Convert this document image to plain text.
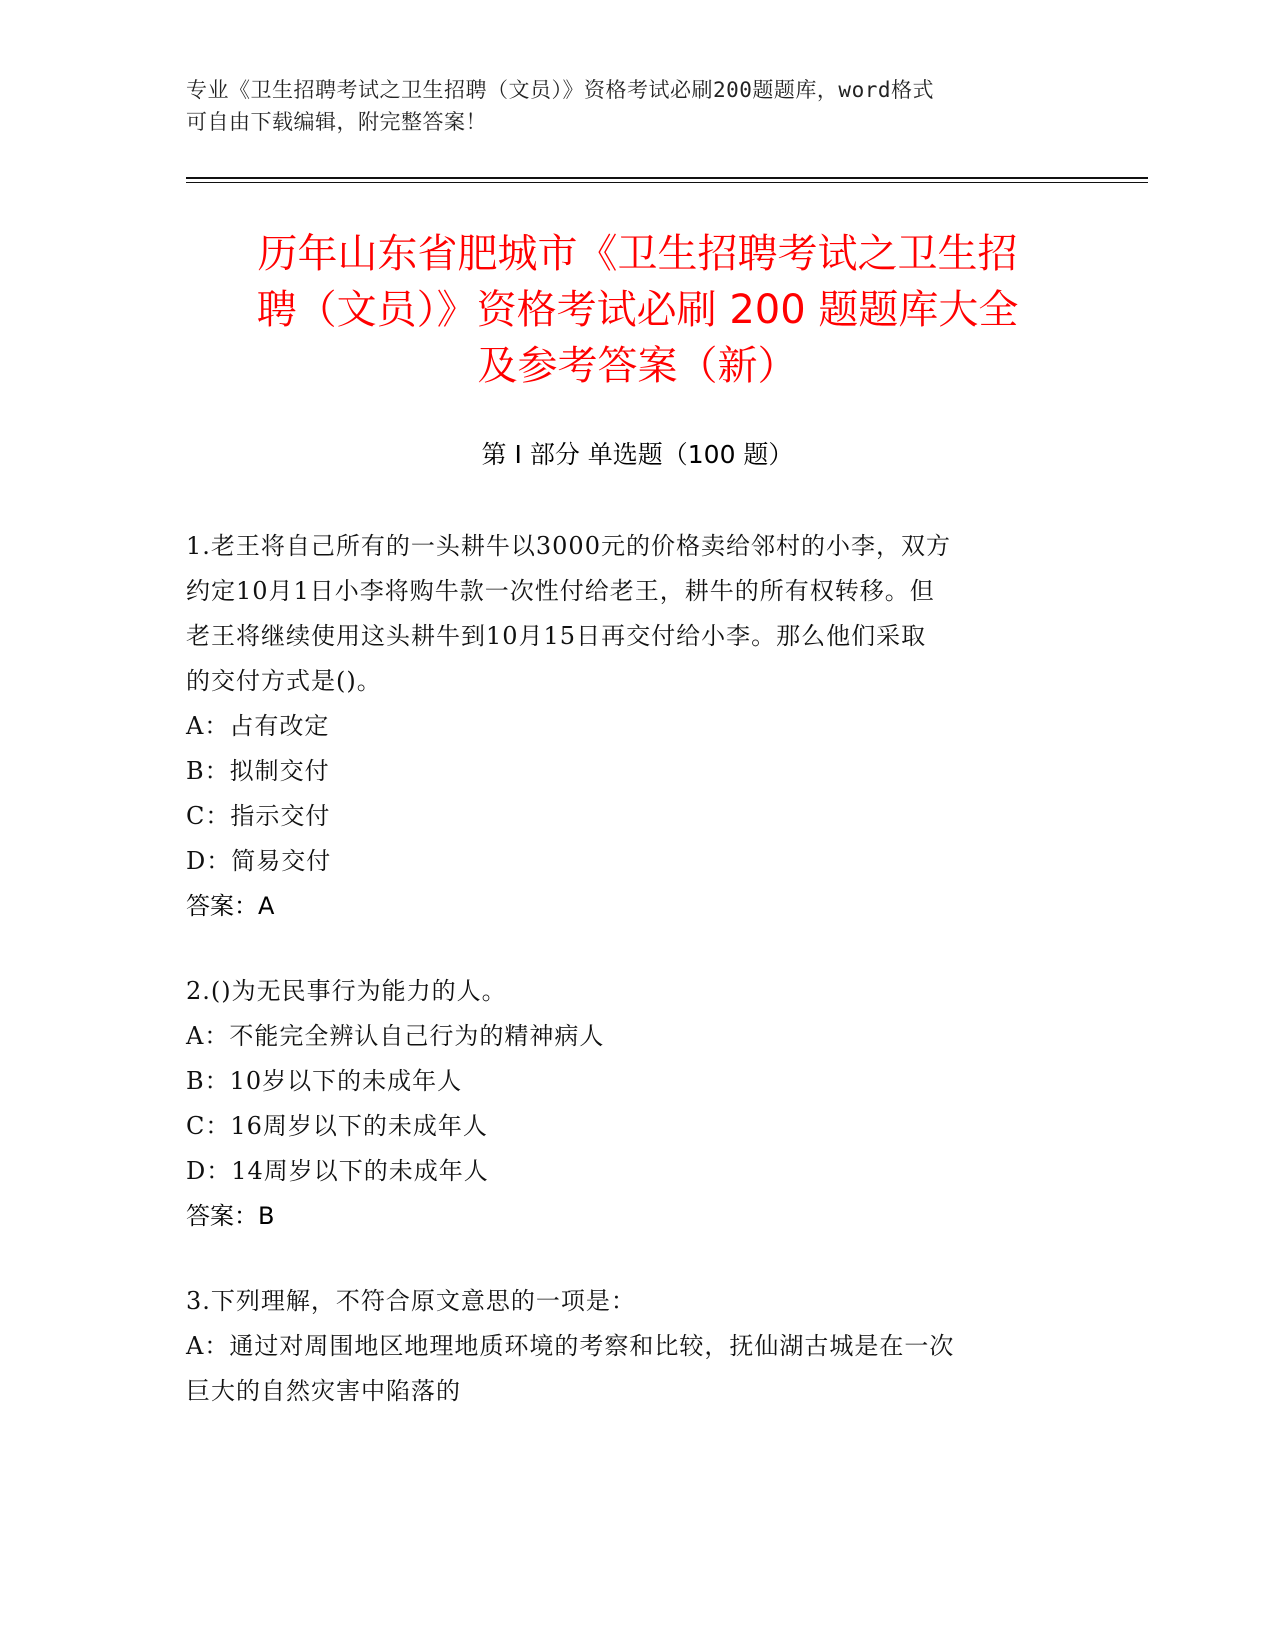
专业《卫生招聘考试之卫生招聘（文员）》资格考试必刷200题题库，word格式
可自由下载编辑，附完整答案！
历年山东省肥城市《卫生招聘考试之卫生招
聘（文员）》资格考试必刷 200 题题库大全
及参考答案（新）
第 I 部分 单选题（100 题）
1.老王将自己所有的一头耕牛以3000元的价格卖给邻村的小李，双方
约定10月1日小李将购牛款一次性付给老王，耕牛的所有权转移。但
老王将继续使用这头耕牛到10月15日再交付给小李。那么他们采取
的交付方式是()。
A：占有改定
B：拟制交付
C：指示交付
D：简易交付
答案：A
2.()为无民事行为能力的人。
A：不能完全辨认自己行为的精神病人
B：10岁以下的未成年人
C：16周岁以下的未成年人
D：14周岁以下的未成年人
答案：B
3.下列理解，不符合原文意思的一项是：
A：通过对周围地区地理地质环境的考察和比较，抚仙湖古城是在一次
巨大的自然灾害中陷落的
